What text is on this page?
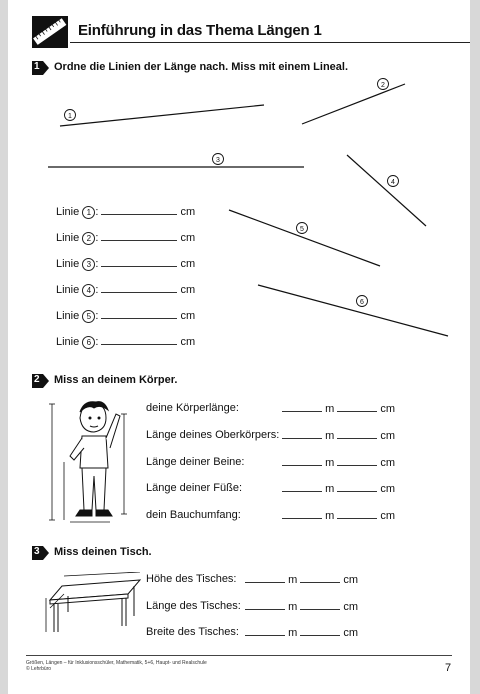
Einführung in das Thema Längen 1
1 Ordne die Linien der Länge nach. Miss mit einem Lineal.
1
2
3
4
5
6
Linie 1 :	cm
Linie 2 :	cm
Linie 3 :	cm
Linie 4 :	cm
Linie 5 :	cm
Linie 6 :	cm
2 Miss an deinem Körper.
deine Körperlänge:	m	cm
Länge deines Oberkörpers:	m	cm
Länge deiner Beine:	m	cm
Länge deiner Füße:	m	cm
dein Bauchumfang:	m	cm
3 Miss deinen Tisch.
Höhe des Tisches:	m	cm
Länge des Tisches:	m	cm
Breite des Tisches:	m	cm
Größen, Längen – für Inklusionsschüler, Mathematik, 5+6, Haupt- und Realschule
© Lehrbüro	7
